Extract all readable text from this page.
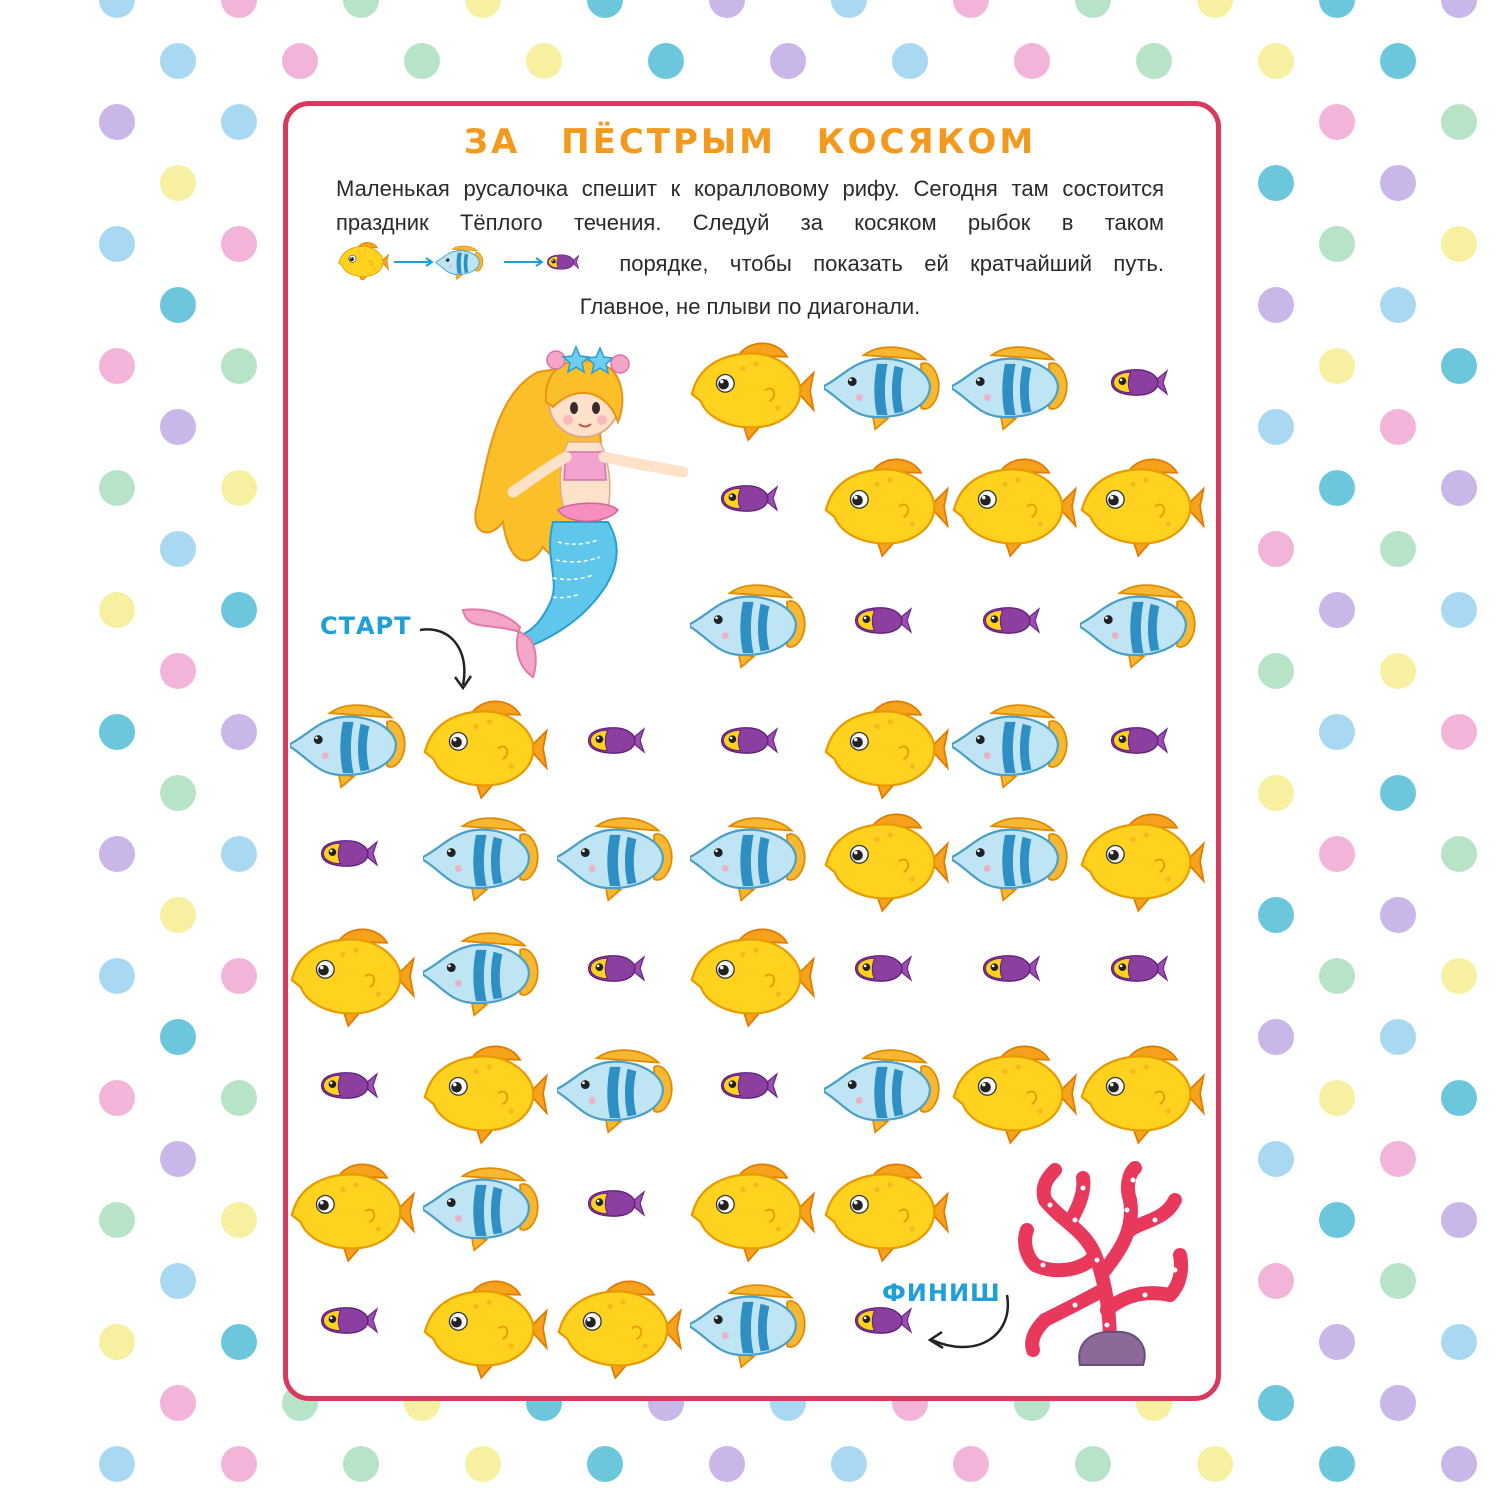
ЗА ПЁСТРЫМ КОСЯКОМ

Маленькая русалочка спешит к коралловому рифу. Сегодня там состоится праздник Тёплого течения. Следуй за косяком рыбок в таком  порядке, чтобы показать ей кратчайший путь. Главное, не плыви по диагонали.

СТАРТ
ФИНИШ
